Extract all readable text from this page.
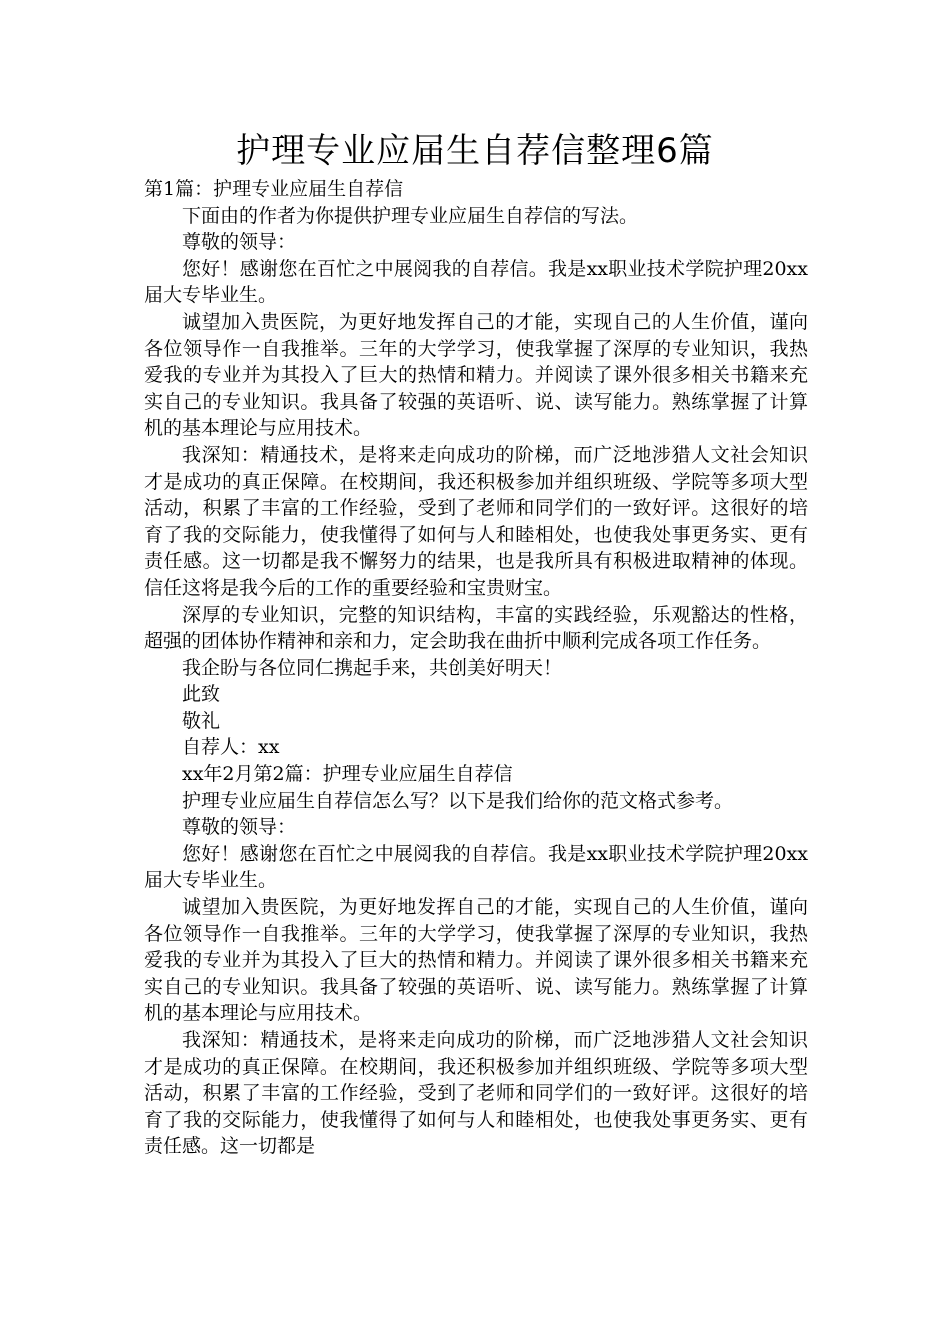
护理专业应届生自荐信整理6篇

第1篇：护理专业应届生自荐信

下面由的作者为你提供护理专业应届生自荐信的写法。

尊敬的领导：

您好！感谢您在百忙之中展阅我的自荐信。我是xx职业技术学院护理20xx届大专毕业生。

诚望加入贵医院，为更好地发挥自己的才能，实现自己的人生价值，谨向各位领导作一自我推举。三年的大学学习，使我掌握了深厚的专业知识，我热爱我的专业并为其投入了巨大的热情和精力。并阅读了课外很多相关书籍来充实自己的专业知识。我具备了较强的英语听、说、读写能力。熟练掌握了计算机的基本理论与应用技术。

我深知：精通技术，是将来走向成功的阶梯，而广泛地涉猎人文社会知识才是成功的真正保障。在校期间，我还积极参加并组织班级、学院等多项大型活动，积累了丰富的工作经验，受到了老师和同学们的一致好评。这很好的培育了我的交际能力，使我懂得了如何与人和睦相处，也使我处事更务实、更有责任感。这一切都是我不懈努力的结果，也是我所具有积极进取精神的体现。信任这将是我今后的工作的重要经验和宝贵财宝。

深厚的专业知识，完整的知识结构，丰富的实践经验，乐观豁达的性格，超强的团体协作精神和亲和力，定会助我在曲折中顺利完成各项工作任务。

我企盼与各位同仁携起手来，共创美好明天！

此致

敬礼

自荐人：xx

xx年2月第2篇：护理专业应届生自荐信

护理专业应届生自荐信怎么写？以下是我们给你的范文格式参考。

尊敬的领导：

您好！感谢您在百忙之中展阅我的自荐信。我是xx职业技术学院护理20xx届大专毕业生。

诚望加入贵医院，为更好地发挥自己的才能，实现自己的人生价值，谨向各位领导作一自我推举。三年的大学学习，使我掌握了深厚的专业知识，我热爱我的专业并为其投入了巨大的热情和精力。并阅读了课外很多相关书籍来充实自己的专业知识。我具备了较强的英语听、说、读写能力。熟练掌握了计算机的基本理论与应用技术。

我深知：精通技术，是将来走向成功的阶梯，而广泛地涉猎人文社会知识才是成功的真正保障。在校期间，我还积极参加并组织班级、学院等多项大型活动，积累了丰富的工作经验，受到了老师和同学们的一致好评。这很好的培育了我的交际能力，使我懂得了如何与人和睦相处，也使我处事更务实、更有责任感。这一切都是
